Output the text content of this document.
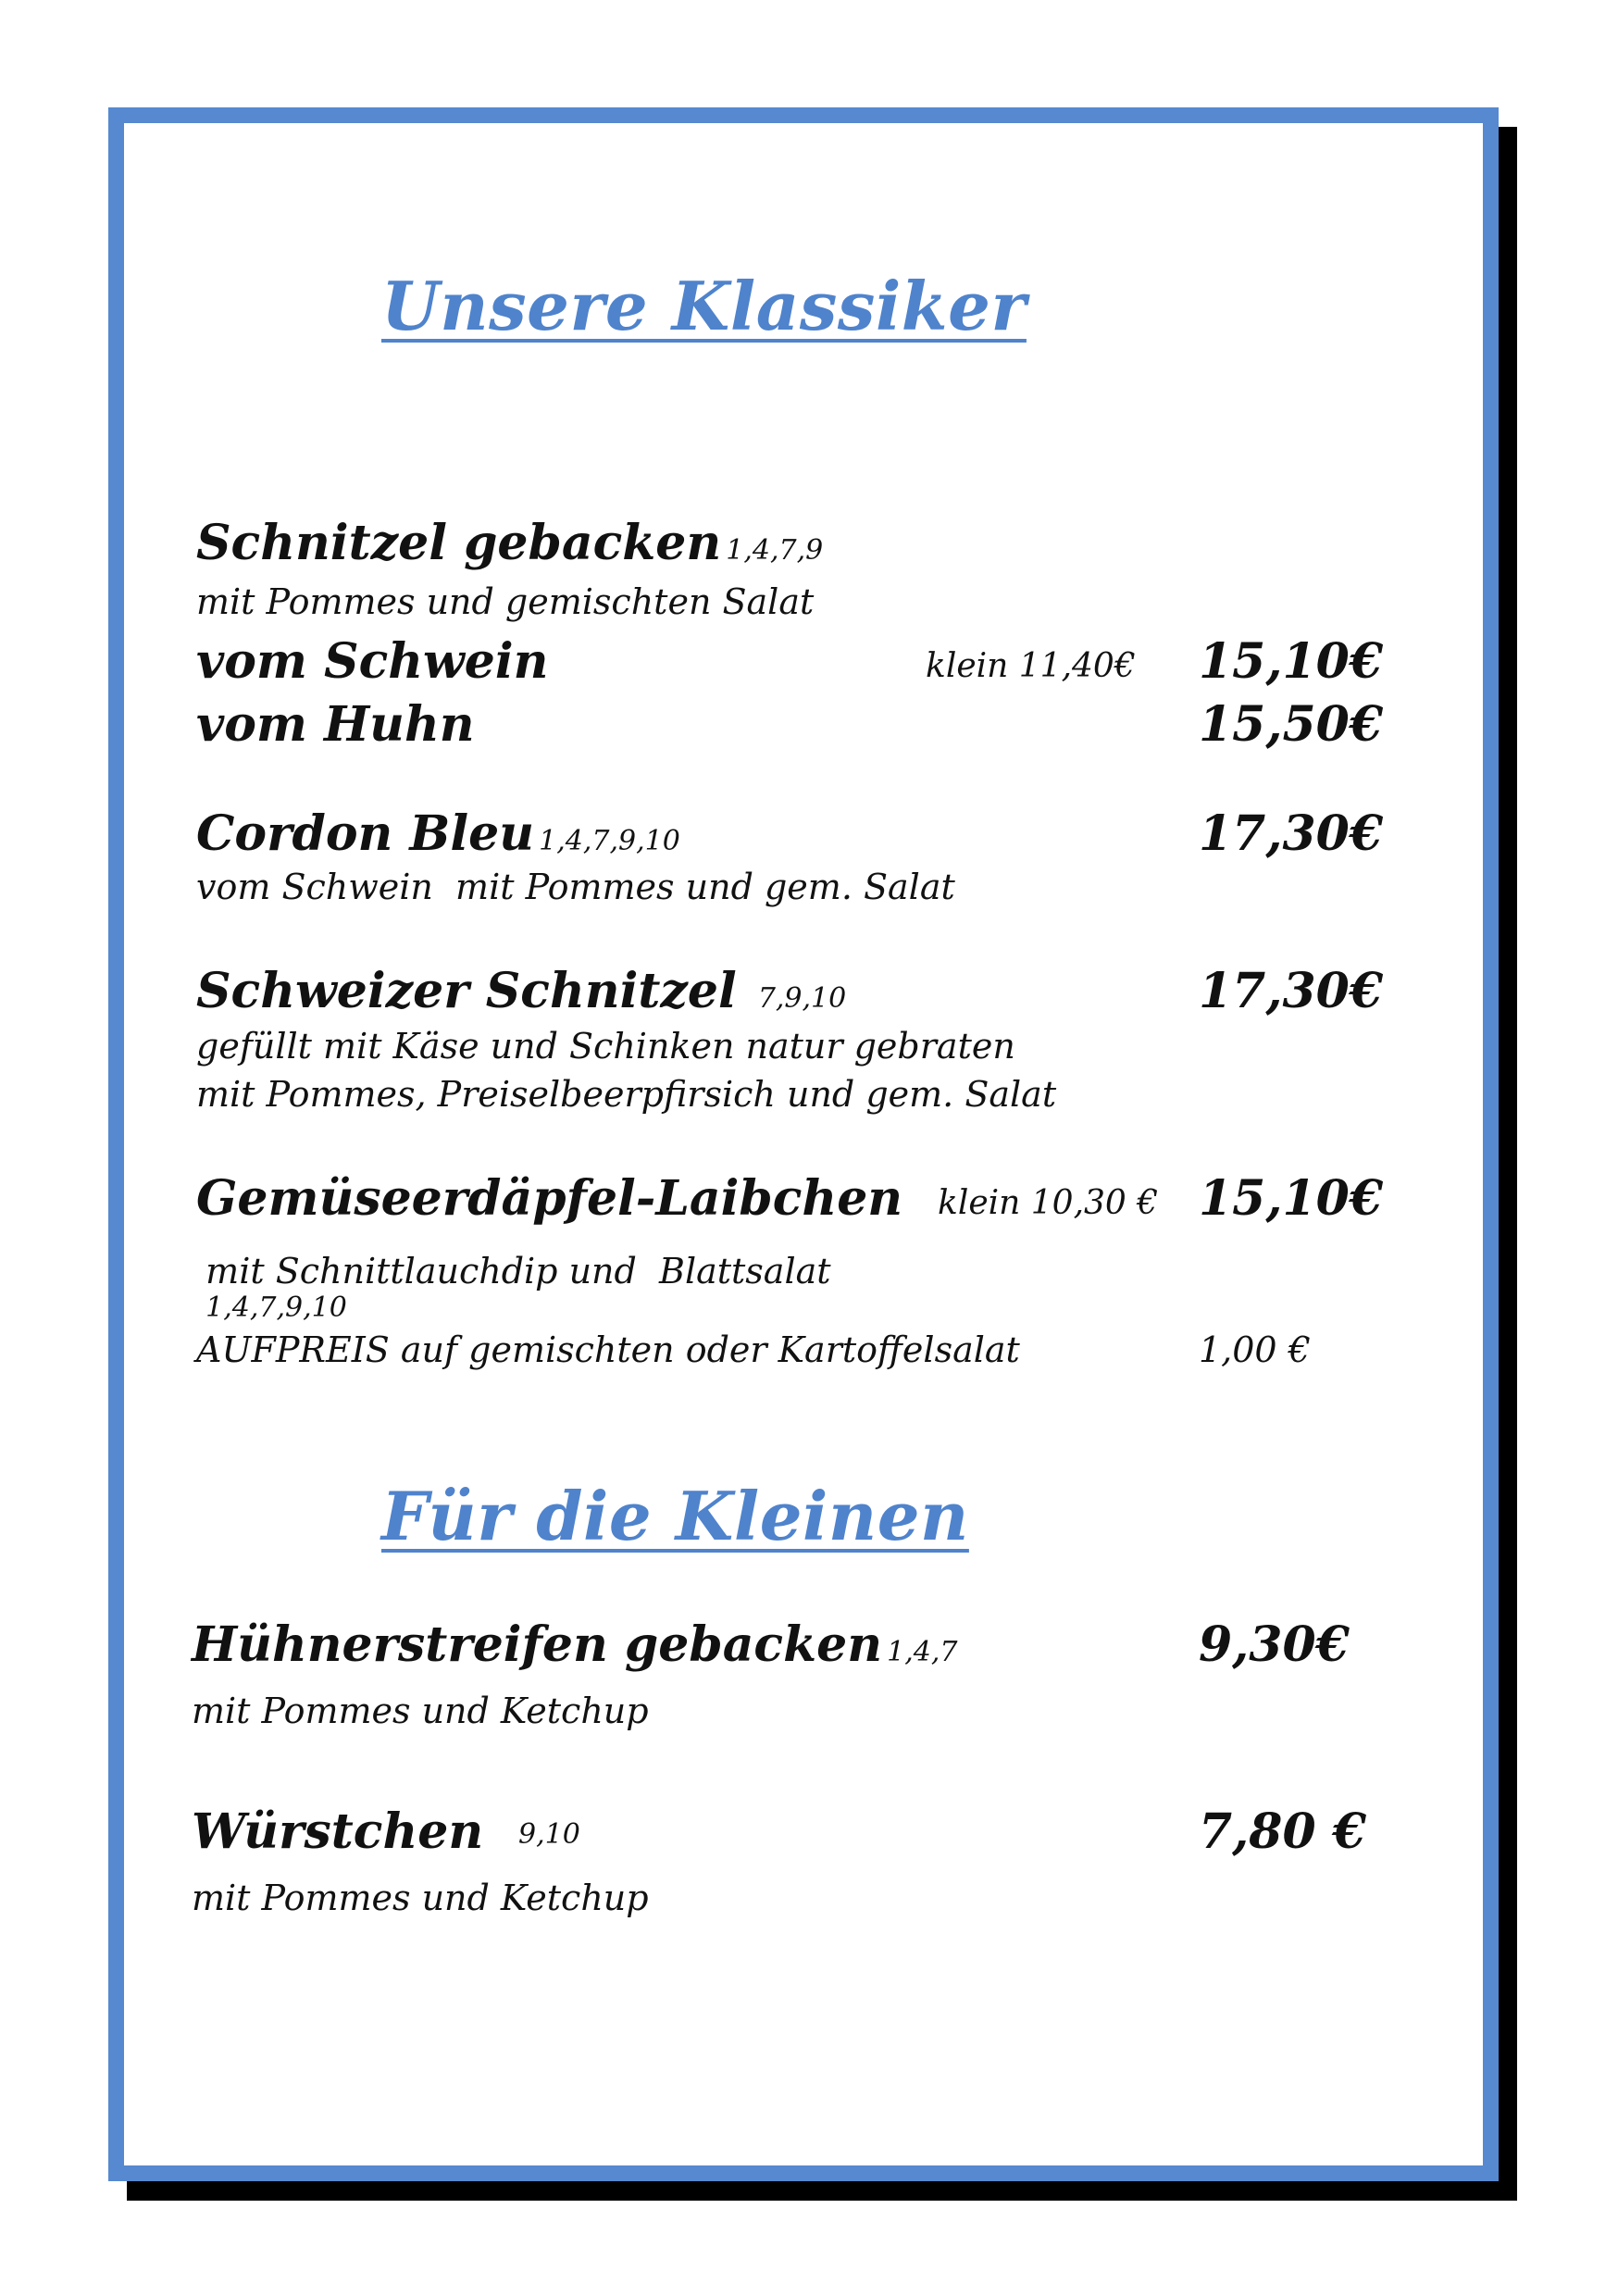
Unsere Klassiker
Schnitzel gebacken 1,4,7,9
mit Pommes und gemischten Salat
vom Schwein	klein 11,40€ 15,10€
vom Huhn	15,50€
Cordon Bleu 1,4,7,9,10	17,30€
vom Schwein  mit Pommes und gem. Salat
Schweizer Schnitzel 7,9,10	17,30€
gefüllt mit Käse und Schinken natur gebraten
mit Pommes, Preiselbeerpfirsich und gem. Salat
Gemüseerdäpfel-Laibchen klein 10,30 € 15,10€

mit Schnittlauchdip und  Blattsalat
1,4,7,9,10

AUFPREIS auf gemischten oder Kartoffelsalat	1,00 €
Für die Kleinen
Hühnerstreifen gebacken 1,4,7	9,30€
mit Pommes und Ketchup
Würstchen 9,10	7,80 €
mit Pommes und Ketchup
